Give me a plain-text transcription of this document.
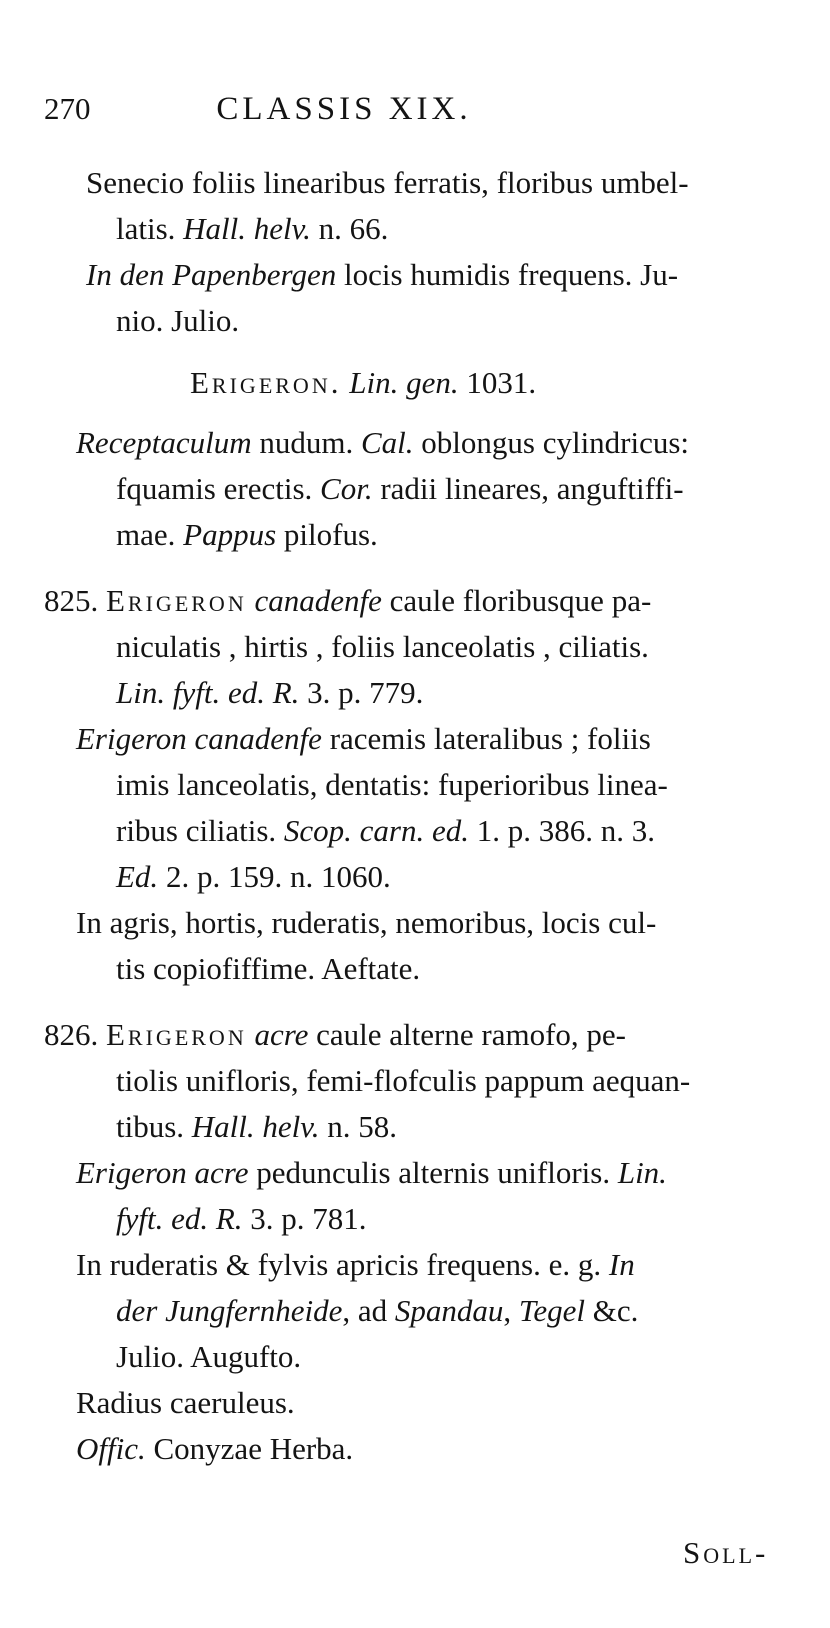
270	CLASSIS XIX.
Senecio foliis linearibus ferratis, floribus umbel-
latis. Hall. helv. n. 66.
In den Papenbergen locis humidis frequens. Ju-
nio. Julio.
Erigeron. Lin. gen. 1031.
Receptaculum nudum. Cal. oblongus cylindricus:
fquamis erectis. Cor. radii lineares, anguftiffi-
mae. Pappus pilofus.
825. Erigeron canadenfe caule floribusque pa-
niculatis , hirtis , foliis lanceolatis , ciliatis.
Lin. fyft. ed. R. 3. p. 779.
Erigeron canadenfe racemis lateralibus ; foliis
imis lanceolatis, dentatis: fuperioribus linea-
ribus ciliatis. Scop. carn. ed. 1. p. 386. n. 3.
Ed. 2. p. 159. n. 1060.
In agris, hortis, ruderatis, nemoribus, locis cul-
tis copiofiffime. Aeftate.
826. Erigeron acre caule alterne ramofo, pe-
tiolis unifloris, femi-flofculis pappum aequan-
tibus. Hall. helv. n. 58.
Erigeron acre pedunculis alternis unifloris. Lin.
fyft. ed. R. 3. p. 781.
In ruderatis & fylvis apricis frequens. e. g. In
der Jungfernheide, ad Spandau, Tegel &c.
Julio. Augufto.
Radius caeruleus.
Offic. Conyzae Herba.
Soll-
